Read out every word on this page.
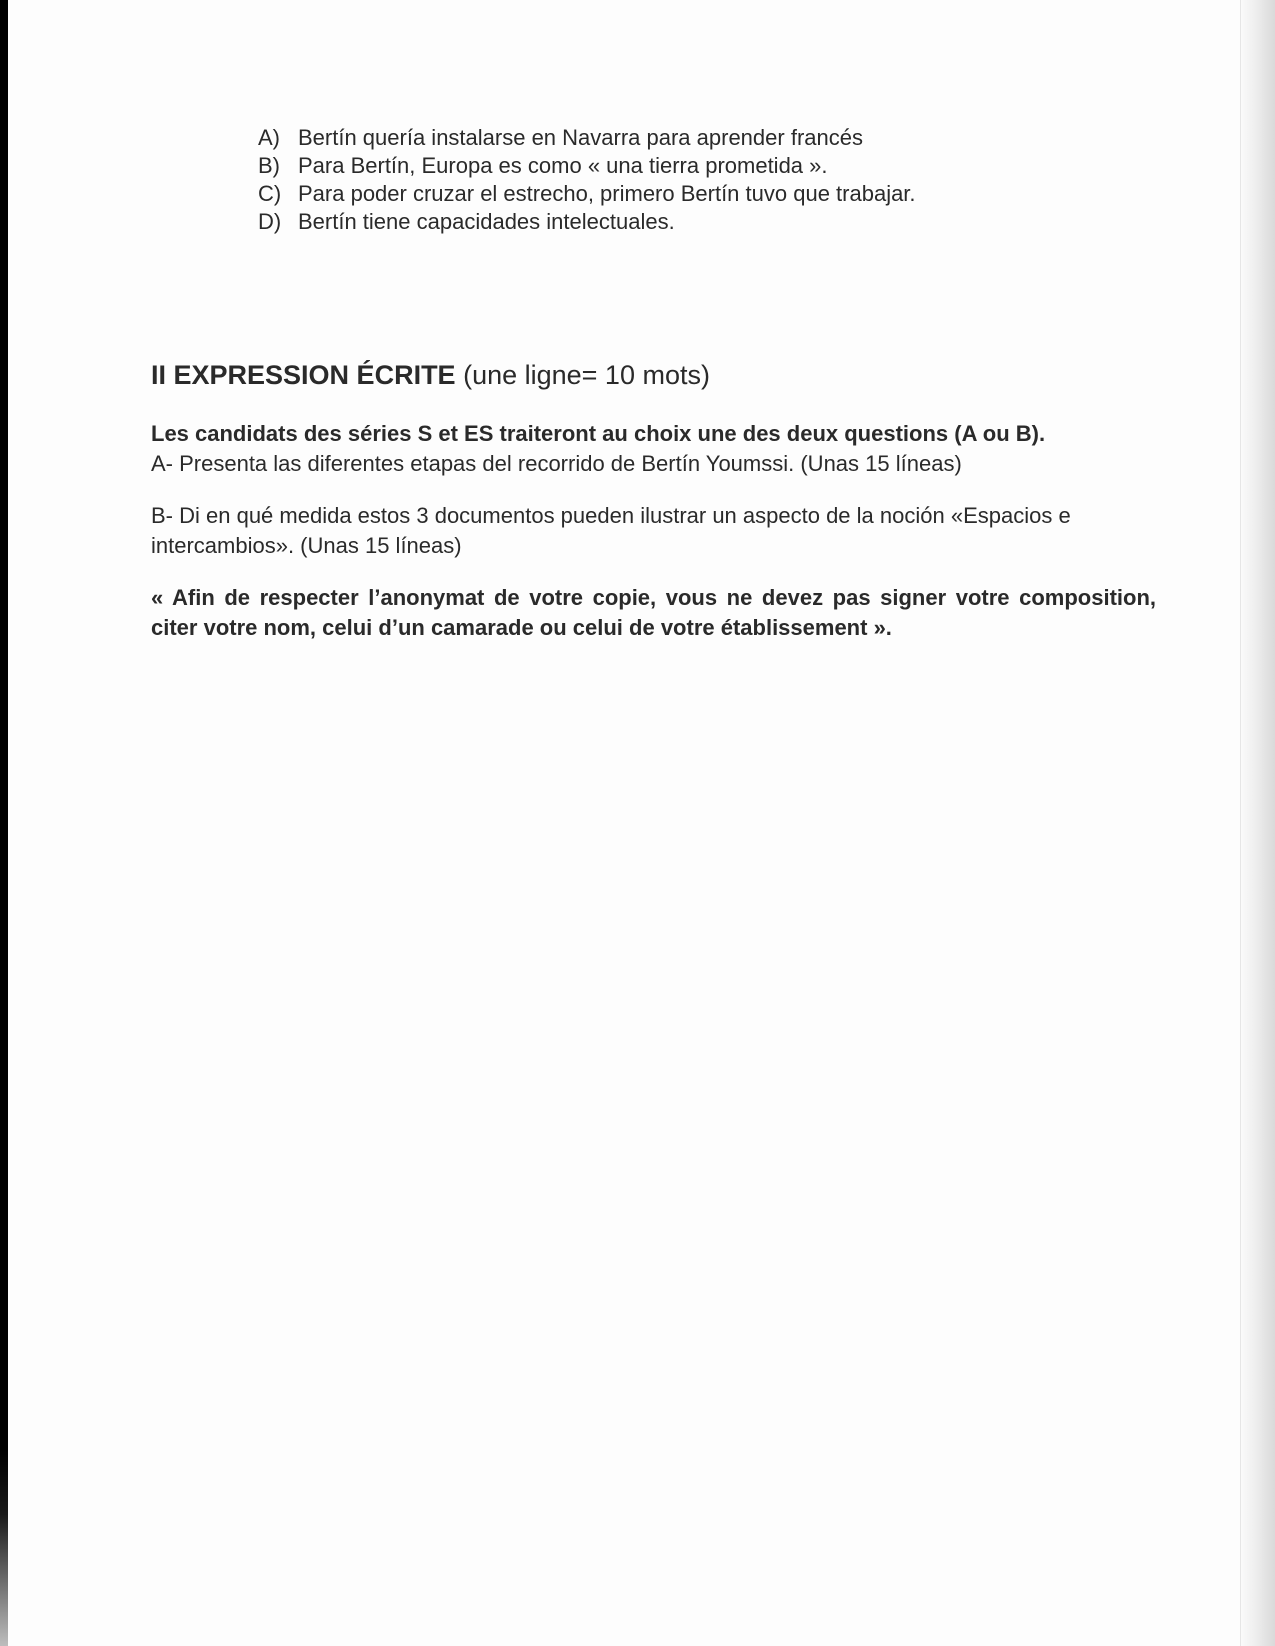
A) Bertín quería instalarse en Navarra para aprender francés
B) Para Bertín, Europa es como « una tierra prometida ».
C) Para poder cruzar el estrecho, primero Bertín tuvo que trabajar.
D) Bertín tiene capacidades intelectuales.
II EXPRESSION ÉCRITE (une ligne= 10 mots)

Les candidats des séries S et ES traiteront au choix une des deux questions (A ou B).

A- Presenta las diferentes etapas del recorrido de Bertín Youmssi. (Unas 15 líneas)

B- Di en qué medida estos 3 documentos pueden ilustrar un aspecto de la noción «Espacios e intercambios». (Unas 15 líneas)

« Afin de respecter l’anonymat de votre copie, vous ne devez pas signer votre composition, citer votre nom, celui d’un camarade ou celui de votre établissement ».
